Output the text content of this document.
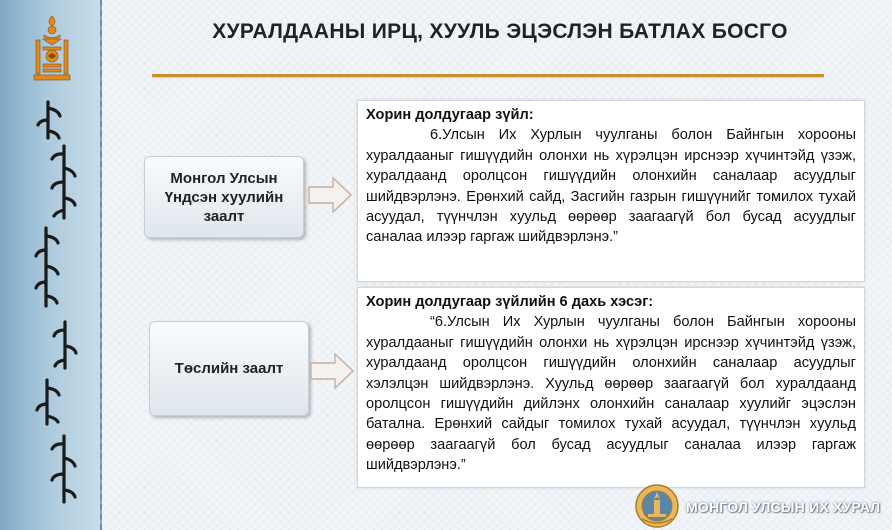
ХУРАЛДААНЫ ИРЦ, ХУУЛЬ ЭЦЭСЛЭН БАТЛАХ БОСГО
Монгол Улсын Үндсэн хуулийн заалт
Хорин долдугаар зүйл:
6.Улсын Их Хурлын чуулганы болон Байнгын хорооны хуралдааныг гишүүдийн олонхи нь хүрэлцэн ирснээр хүчинтэйд үзэж, хуралдаанд оролцсон гишүүдийн олонхийн саналаар асуудлыг шийдвэрлэнэ. Ерөнхий сайд, Засгийн газрын гишүүнийг томилох тухай асуудал, түүнчлэн хуульд өөрөөр заагаагүй бол бусад асуудлыг саналаа илээр гаргаж шийдвэрлэнэ.”
Төслийн заалт
Хорин долдугаар зүйлийн 6 дахь хэсэг:
“6.Улсын Их Хурлын чуулганы болон Байнгын хорооны хуралдааныг гишүүдийн олонхи нь хүрэлцэн ирснээр хүчинтэйд үзэж, хуралдаанд оролцсон гишүүдийн олонхийн саналаар асуудлыг хэлэлцэн шийдвэрлэнэ. Хуульд өөрөөр заагаагүй бол хуралдаанд оролцсон гишүүдийн дийлэнх олонхийн саналаар хуулийг эцэслэн батална. Ерөнхий сайдыг томилох тухай асуудал, түүнчлэн хуульд өөрөөр заагаагүй бол бусад асуудлыг саналаа илээр гаргаж шийдвэрлэнэ.”
МОНГОЛ УЛСЫН ИХ ХУРАЛ
